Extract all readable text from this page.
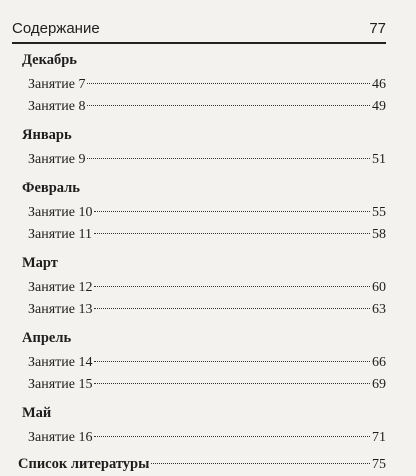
Содержание	77
Декабрь
Занятие 7	46
Занятие 8	49
Январь
Занятие 9	51
Февраль
Занятие 10	55
Занятие 11	58
Март
Занятие 12	60
Занятие 13	63
Апрель
Занятие 14	66
Занятие 15	69
Май
Занятие 16	71
Список литературы	75
